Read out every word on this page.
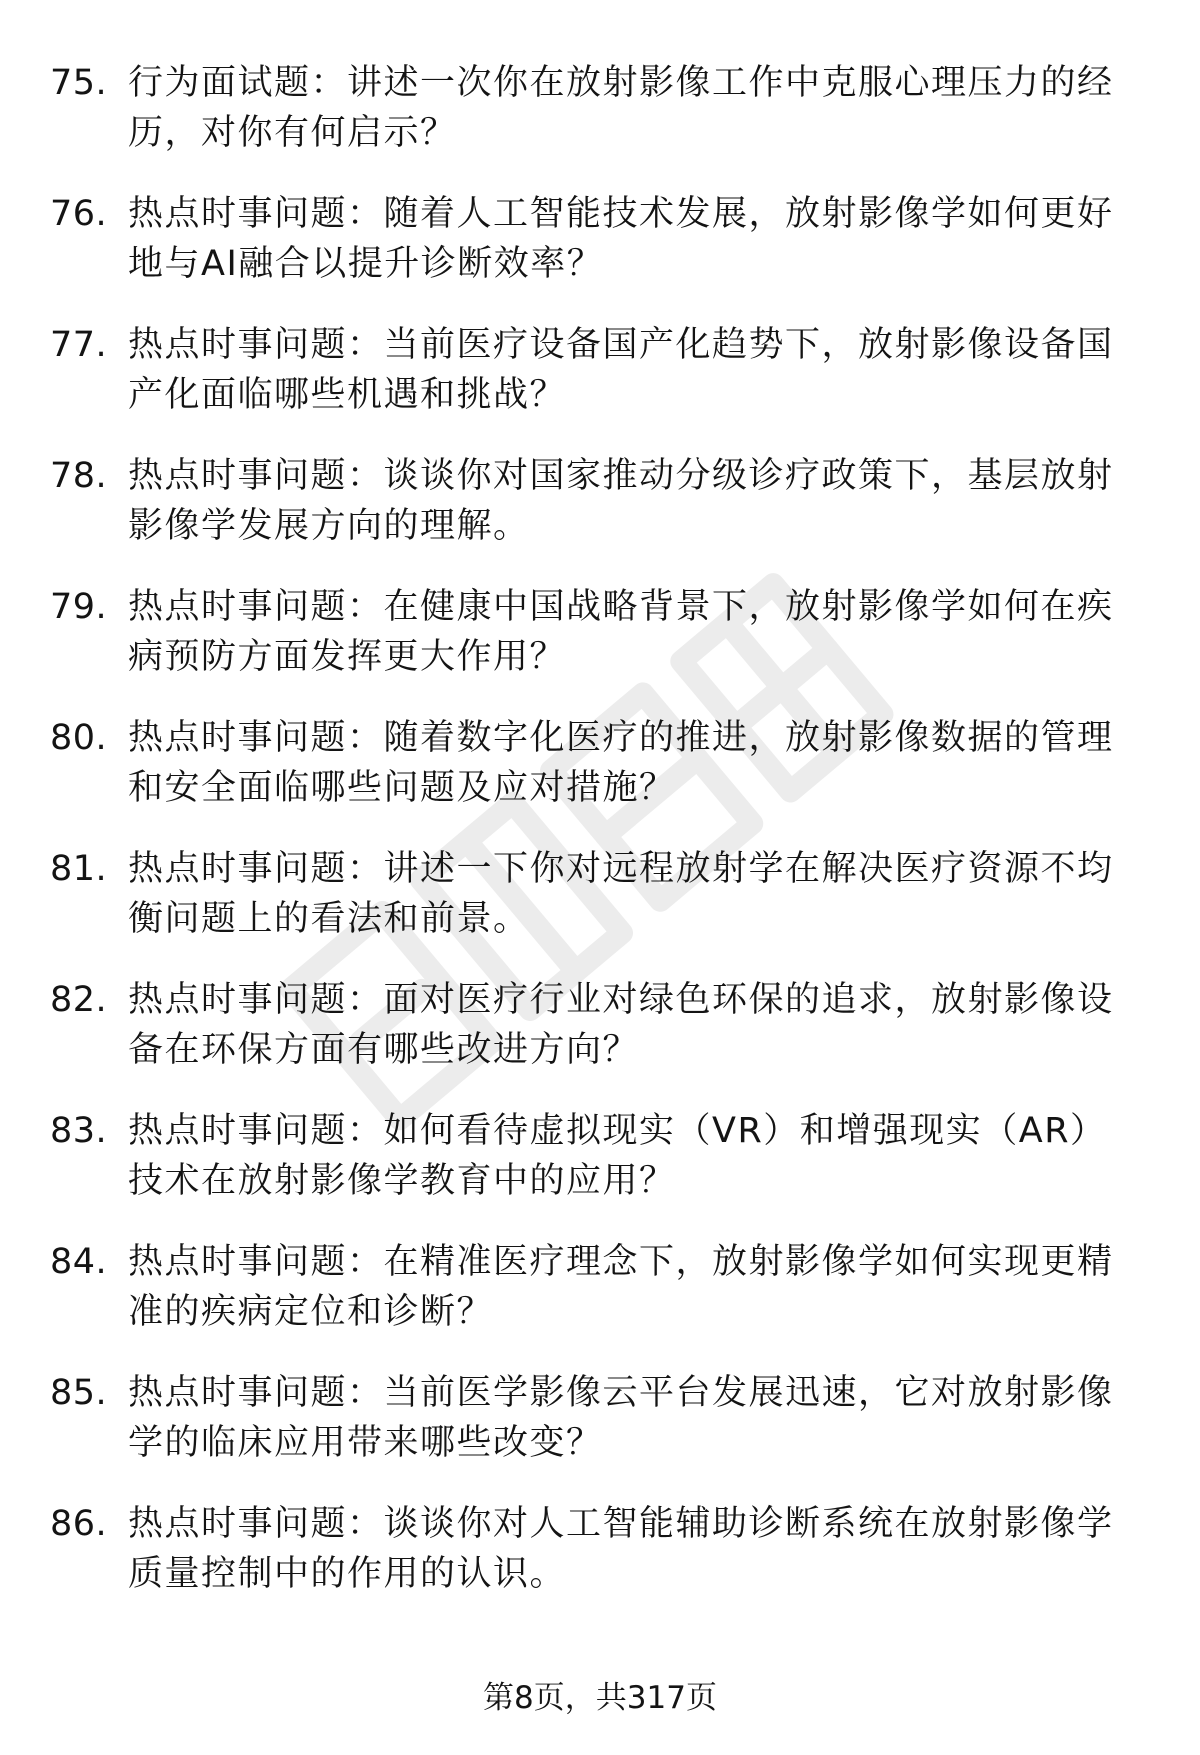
75. 行为面试题：讲述一次你在放射影像工作中克服心理压力的经历，对你有何启示？
76. 热点时事问题：随着人工智能技术发展，放射影像学如何更好地与AI融合以提升诊断效率？
77. 热点时事问题：当前医疗设备国产化趋势下，放射影像设备国产化面临哪些机遇和挑战？
78. 热点时事问题：谈谈你对国家推动分级诊疗政策下，基层放射影像学发展方向的理解。
79. 热点时事问题：在健康中国战略背景下，放射影像学如何在疾病预防方面发挥更大作用？
80. 热点时事问题：随着数字化医疗的推进，放射影像数据的管理和安全面临哪些问题及应对措施？
81. 热点时事问题：讲述一下你对远程放射学在解决医疗资源不均衡问题上的看法和前景。
82. 热点时事问题：面对医疗行业对绿色环保的追求，放射影像设备在环保方面有哪些改进方向？
83. 热点时事问题：如何看待虚拟现实（VR）和增强现实（AR）技术在放射影像学教育中的应用？
84. 热点时事问题：在精准医疗理念下，放射影像学如何实现更精准的疾病定位和诊断？
85. 热点时事问题：当前医学影像云平台发展迅速，它对放射影像学的临床应用带来哪些改变？
86. 热点时事问题：谈谈你对人工智能辅助诊断系统在放射影像学质量控制中的作用的认识。
第8页，共317页
